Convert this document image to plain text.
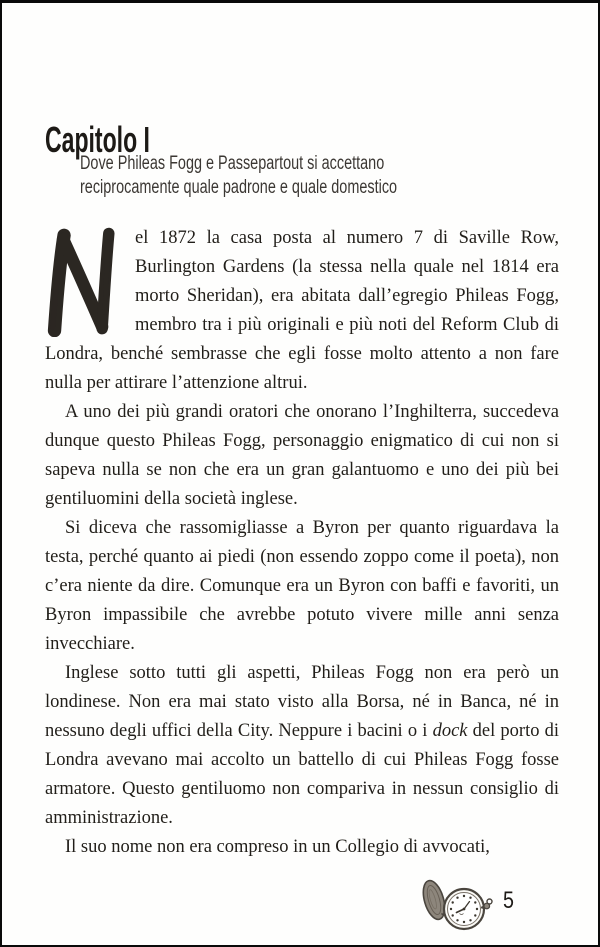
Capitolo I
Dove Phileas Fogg e Passepartout si accettano
reciprocamente quale padrone e quale domestico

el 1872 la casa posta al numero 7 di Saville Row, Burlington Gardens (la stessa nella quale nel 1814 era morto Sheridan), era abitata dall’egregio Phileas Fogg, membro tra i più originali e più noti del Reform Club di Londra, benché sembrasse che egli fosse molto attento a non fare nulla per attirare l’attenzione altrui.

A uno dei più grandi oratori che onorano l’Inghilterra, succedeva dunque questo Phileas Fogg, personaggio enigmatico di cui non si sapeva nulla se non che era un gran galantuomo e uno dei più bei gentiluomini della società inglese.

Si diceva che rassomigliasse a Byron per quanto riguardava la testa, perché quanto ai piedi (non essendo zoppo come il poeta), non c’era niente da dire. Comunque era un Byron con baffi e favoriti, un Byron impassibile che avrebbe potuto vivere mille anni senza invecchiare.

Inglese sotto tutti gli aspetti, Phileas Fogg non era però un londinese. Non era mai stato visto alla Borsa, né in Banca, né in nessuno degli uffici della City. Neppure i bacini o i dock del porto di Londra avevano mai accolto un battello di cui Phileas Fogg fosse armatore. Questo gentiluomo non compariva in nessun consiglio di amministrazione.

Il suo nome non era compreso in un Collegio di avvocati,

5
